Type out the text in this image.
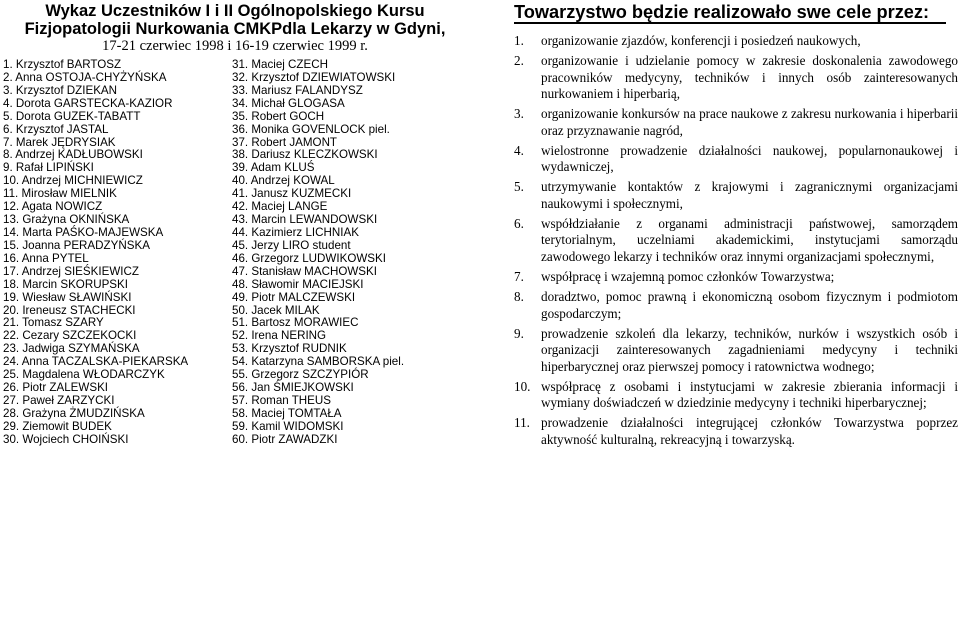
Wykaz Uczestników I i II Ogólnopolskiego Kursu

Fizjopatologii Nurkowania CMKPdla Lekarzy w Gdyni,

17-21 czerwiec 1998 i 16-19 czerwiec 1999 r.

1. Krzysztof BARTOSZ
2. Anna OSTOJA-CHYŻYŃSKA
3. Krzysztof DZIEKAN
4. Dorota GARSTECKA-KAZIOR
5. Dorota GUZEK-TABATT
6. Krzysztof JASTAL
7. Marek JĘDRYSIAK
8. Andrzej KADŁUBOWSKI
9. Rafał LIPIŃSKI
10. Andrzej MICHNIEWICZ
11. Mirosław MIELNIK
12. Agata NOWICZ
13. Grażyna OKNIŃSKA
14. Marta PAŚKO-MAJEWSKA
15. Joanna PERADZYŃSKA
16. Anna PYTEL
17. Andrzej SIEŚKIEWICZ
18. Marcin SKORUPSKI
19. Wiesław SŁAWIŃSKI
20. Ireneusz STACHECKI
21. Tomasz SZARY
22. Cezary SZCZEKOCKI
23. Jadwiga SZYMAŃSKA
24. Anna TACZALSKA-PIEKARSKA
25. Magdalena WŁODARCZYK
26. Piotr ZALEWSKI
27. Paweł ZARZYCKI
28. Grażyna ŻMUDZIŃSKA
29. Ziemowit BUDEK
30. Wojciech CHOIŃSKI
31. Maciej CZECH
32. Krzysztof DZIEWIATOWSKI
33. Mariusz FALANDYSZ
34. Michał GLOGASA
35. Robert GOCH
36. Monika GOVENLOCK piel.
37. Robert JAMONT
38. Dariusz KLECZKOWSKI
39. Adam KLUŚ
40. Andrzej KOWAL
41. Janusz KUZMECKI
42. Maciej LANGE
43. Marcin LEWANDOWSKI
44. Kazimierz LICHNIAK
45. Jerzy LIRO student
46. Grzegorz LUDWIKOWSKI
47. Stanisław MACHOWSKI
48. Sławomir MACIEJSKI
49. Piotr MALCZEWSKI
50. Jacek MILAK
51. Bartosz MORAWIEC
52. Irena NERING
53. Krzysztof RUDNIK
54. Katarzyna SAMBORSKA piel.
55. Grzegorz SZCZYPIÓR
56. Jan ŚMIEJKOWSKI
57. Roman THEUS
58. Maciej TOMTAŁA
59. Kamil WIDOMSKI
60. Piotr ZAWADZKI
Towarzystwo będzie realizowało swe cele przez:
1. organizowanie zjazdów, konferencji i posiedzeń naukowych,
2. organizowanie i udzielanie pomocy w zakresie doskonalenia zawodowego pracowników medycyny, techników i innych osób zainteresowanych nurkowaniem i hiperbarią,
3. organizowanie konkursów na prace naukowe z zakresu nurkowania i hiperbarii oraz przyznawanie nagród,
4. wielostronne prowadzenie działalności naukowej, popularnonaukowej i wydawniczej,
5. utrzymywanie kontaktów z krajowymi i zagranicznymi organizacjami naukowymi i społecznymi,
6. współdziałanie z organami administracji państwowej, samorządem terytorialnym, uczelniami akademickimi, instytucjami samorządu zawodowego lekarzy i techników oraz innymi organizacjami społecznymi,
7. współpracę i wzajemną pomoc członków Towarzystwa;
8. doradztwo, pomoc prawną i ekonomiczną osobom fizycznym i podmiotom gospodarczym;
9. prowadzenie szkoleń dla lekarzy, techników, nurków i wszystkich osób i organizacji zainteresowanych zagadnieniami medycyny i techniki hiperbarycznej oraz pierwszej pomocy i ratownictwa wodnego;
10. współpracę z osobami i instytucjami w zakresie zbierania informacji i wymiany doświadczeń w dziedzinie medycyny i techniki hiperbarycznej;
11. prowadzenie działalności integrującej członków Towarzystwa poprzez aktywność kulturalną, rekreacyjną i towarzyską.
